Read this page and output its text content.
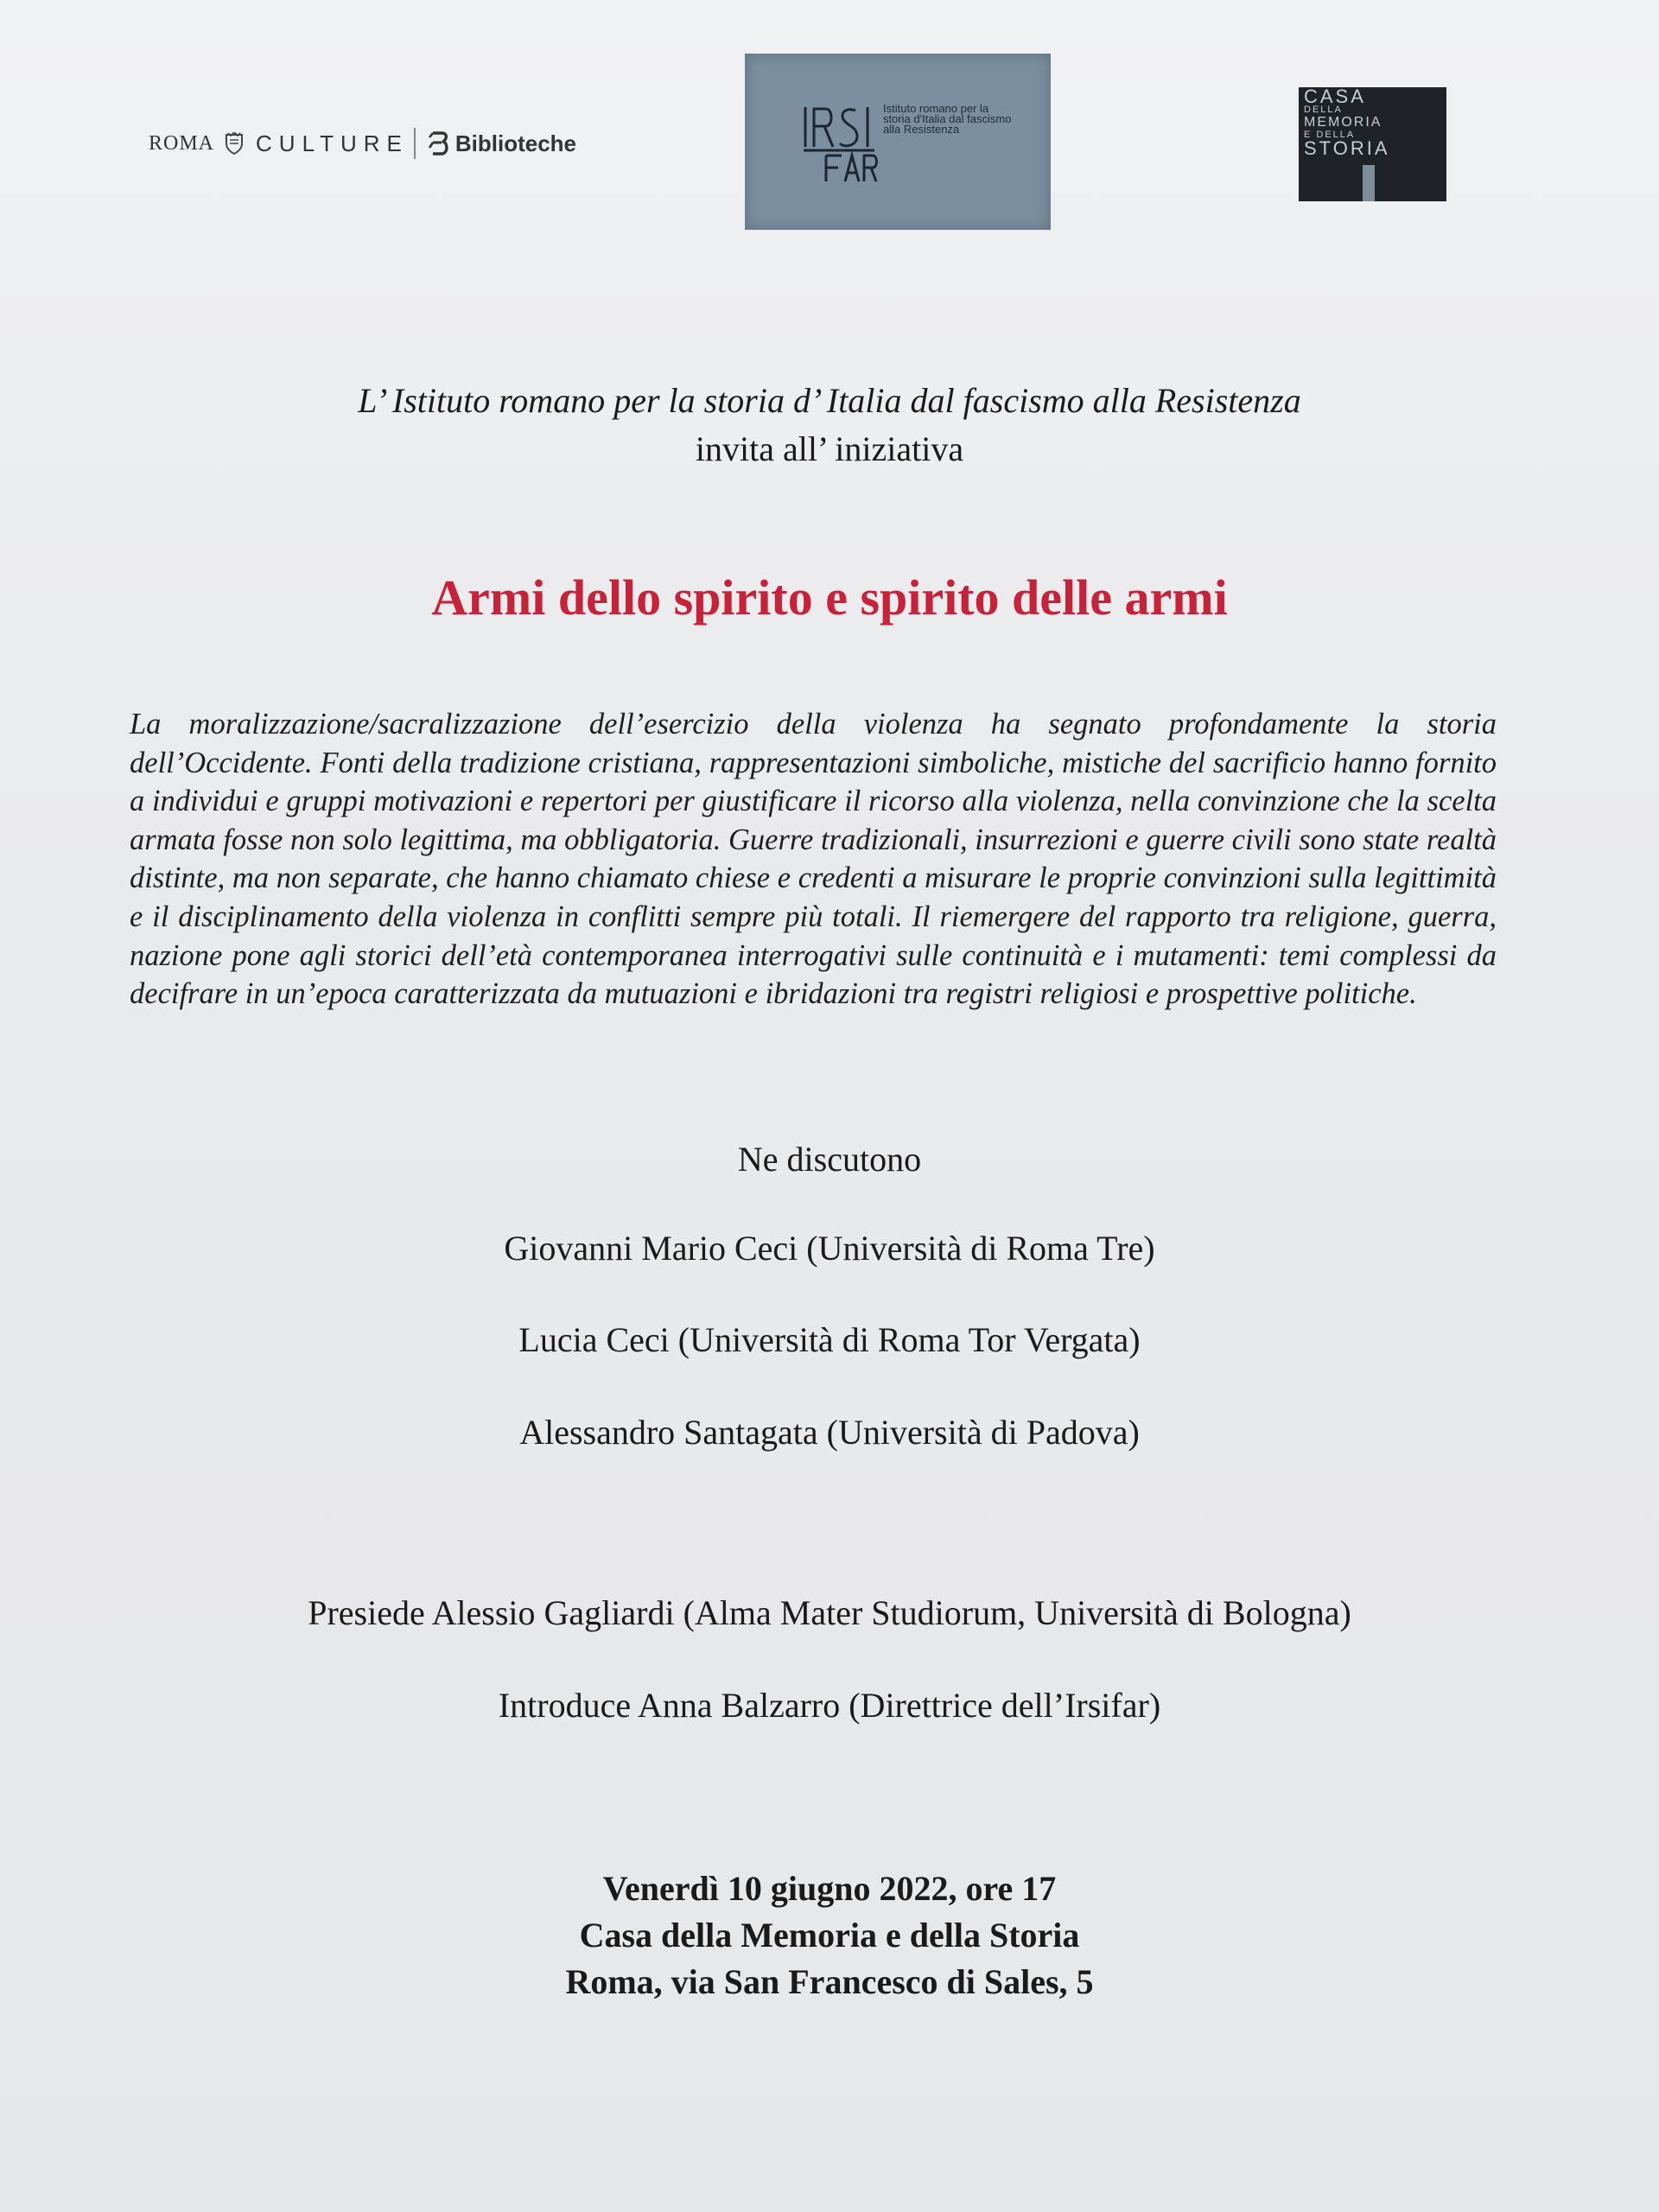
ROMA CULTURE Biblioteche
Istituto romano per la storia d'Italia dal fascismo alla Resistenza
CASA
DELLA
MEMORIA
E DELLA
STORIA
L’ Istituto romano per la storia d’ Italia dal fascismo alla Resistenza
invita all’ iniziativa
Armi dello spirito e spirito delle armi
La moralizzazione/sacralizzazione dell’esercizio della violenza ha segnato profondamente la storia dell’Occidente. Fonti della tradizione cristiana, rappresentazioni simboliche, mistiche del sacrificio hanno fornito a individui e gruppi motivazioni e repertori per giustificare il ricorso alla violenza, nella convinzione che la scelta armata fosse non solo legittima, ma obbligatoria. Guerre tradizionali, insurrezioni e guerre civili sono state realtà distinte, ma non separate, che hanno chiamato chiese e credenti a misurare le proprie convinzioni sulla legittimità e il disciplinamento della violenza in conflitti sempre più totali. Il riemergere del rapporto tra religione, guerra, nazione pone agli storici dell’età contemporanea interrogativi sulle continuità e i mutamenti: temi complessi da decifrare in un’epoca caratterizzata da mutuazioni e ibridazioni tra registri religiosi e prospettive politiche.
Ne discutono
Giovanni Mario Ceci (Università di Roma Tre)
Lucia Ceci (Università di Roma Tor Vergata)
Alessandro Santagata (Università di Padova)
Presiede Alessio Gagliardi (Alma Mater Studiorum, Università di Bologna)
Introduce Anna Balzarro (Direttrice dell’Irsifar)
Venerdì 10 giugno 2022, ore 17
Casa della Memoria e della Storia
Roma, via San Francesco di Sales, 5
